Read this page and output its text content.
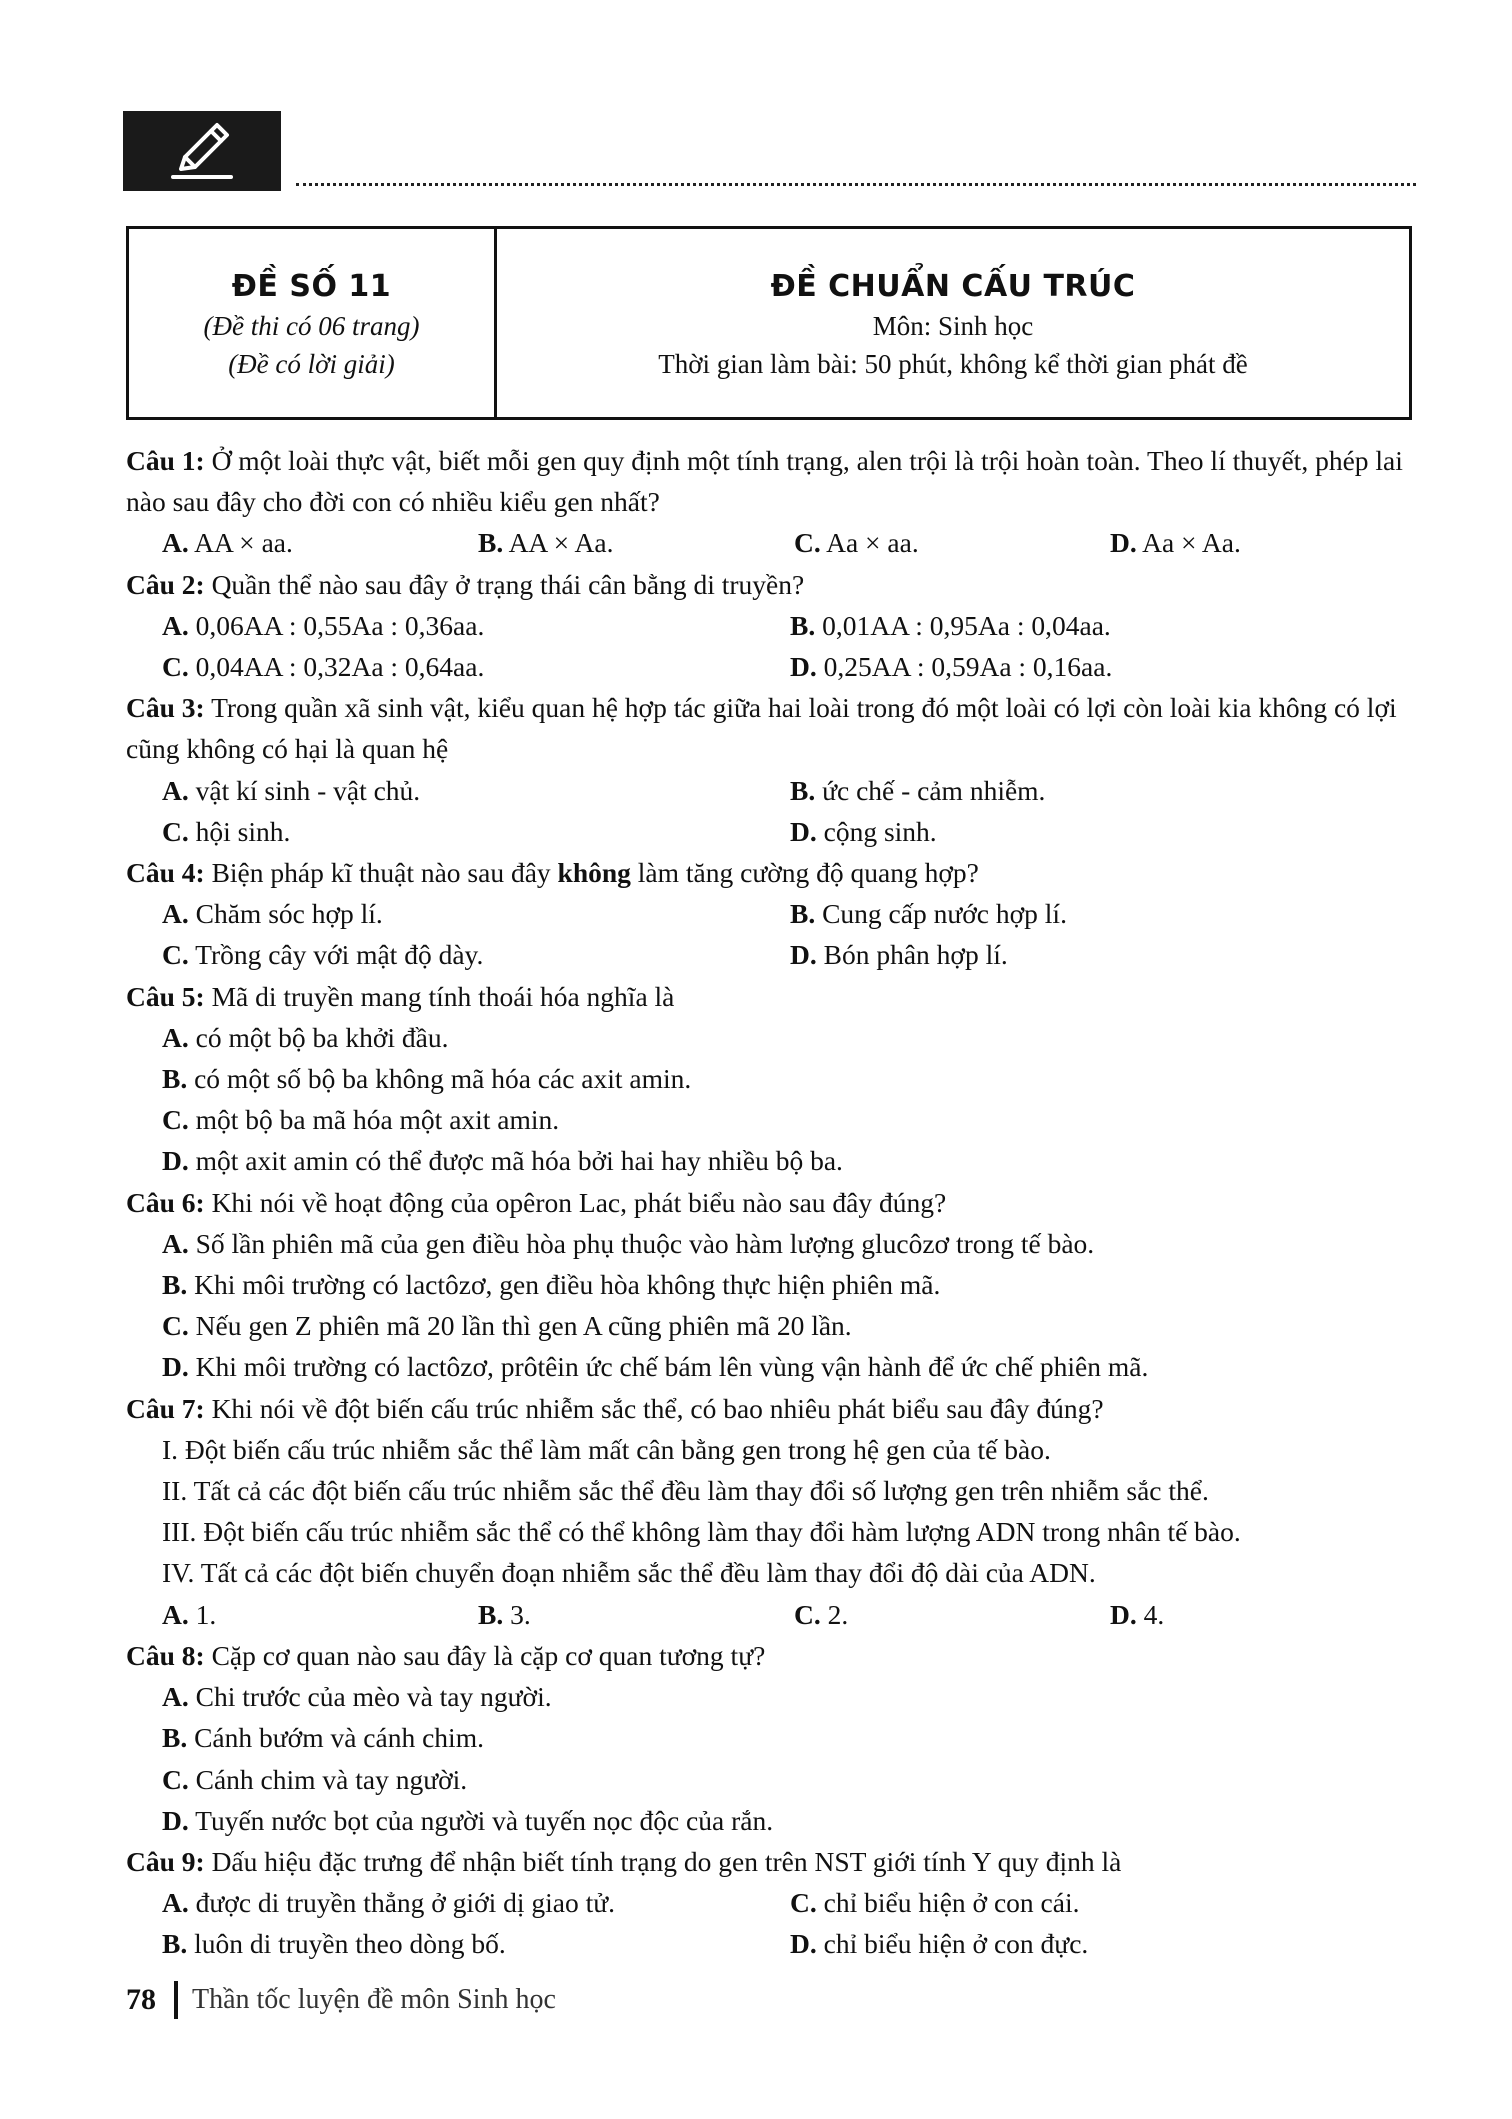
ĐỀ SỐ 11
(Đề thi có 06 trang)
(Đề có lời giải)
ĐỀ CHUẨN CẤU TRÚC
Môn: Sinh học
Thời gian làm bài: 50 phút, không kể thời gian phát đề

Câu 1: Ở một loài thực vật, biết mỗi gen quy định một tính trạng, alen trội là trội hoàn toàn. Theo lí thuyết, phép lai nào sau đây cho đời con có nhiều kiểu gen nhất?

A. AA × aa.	B. AA × Aa.	C. Aa × aa.	D. Aa × Aa.

Câu 2: Quần thể nào sau đây ở trạng thái cân bằng di truyền?

A. 0,06AA : 0,55Aa : 0,36aa.	B. 0,01AA : 0,95Aa : 0,04aa.
C. 0,04AA : 0,32Aa : 0,64aa.	D. 0,25AA : 0,59Aa : 0,16aa.

Câu 3: Trong quần xã sinh vật, kiểu quan hệ hợp tác giữa hai loài trong đó một loài có lợi còn loài kia không có lợi cũng không có hại là quan hệ

A. vật kí sinh - vật chủ.	B. ức chế - cảm nhiễm.
C. hội sinh.	D. cộng sinh.

Câu 4: Biện pháp kĩ thuật nào sau đây không làm tăng cường độ quang hợp?

A. Chăm sóc hợp lí.	B. Cung cấp nước hợp lí.
C. Trồng cây với mật độ dày.	D. Bón phân hợp lí.

Câu 5: Mã di truyền mang tính thoái hóa nghĩa là

A. có một bộ ba khởi đầu.
B. có một số bộ ba không mã hóa các axit amin.
C. một bộ ba mã hóa một axit amin.
D. một axit amin có thể được mã hóa bởi hai hay nhiều bộ ba.

Câu 6: Khi nói về hoạt động của opêron Lac, phát biểu nào sau đây đúng?

A. Số lần phiên mã của gen điều hòa phụ thuộc vào hàm lượng glucôzơ trong tế bào.
B. Khi môi trường có lactôzơ, gen điều hòa không thực hiện phiên mã.
C. Nếu gen Z phiên mã 20 lần thì gen A cũng phiên mã 20 lần.
D. Khi môi trường có lactôzơ, prôtêin ức chế bám lên vùng vận hành để ức chế phiên mã.

Câu 7: Khi nói về đột biến cấu trúc nhiễm sắc thể, có bao nhiêu phát biểu sau đây đúng?

I. Đột biến cấu trúc nhiễm sắc thể làm mất cân bằng gen trong hệ gen của tế bào.
II. Tất cả các đột biến cấu trúc nhiễm sắc thể đều làm thay đổi số lượng gen trên nhiễm sắc thể.
III. Đột biến cấu trúc nhiễm sắc thể có thể không làm thay đổi hàm lượng ADN trong nhân tế bào.
IV. Tất cả các đột biến chuyển đoạn nhiễm sắc thể đều làm thay đổi độ dài của ADN.
A. 1.	B. 3.	C. 2.	D. 4.

Câu 8: Cặp cơ quan nào sau đây là cặp cơ quan tương tự?

A. Chi trước của mèo và tay người.
B. Cánh bướm và cánh chim.
C. Cánh chim và tay người.
D. Tuyến nước bọt của người và tuyến nọc độc của rắn.

Câu 9: Dấu hiệu đặc trưng để nhận biết tính trạng do gen trên NST giới tính Y quy định là

A. được di truyền thẳng ở giới dị giao tử.	C. chỉ biểu hiện ở con cái.
B. luôn di truyền theo dòng bố.	D. chỉ biểu hiện ở con đực.
78 Thần tốc luyện đề môn Sinh học
